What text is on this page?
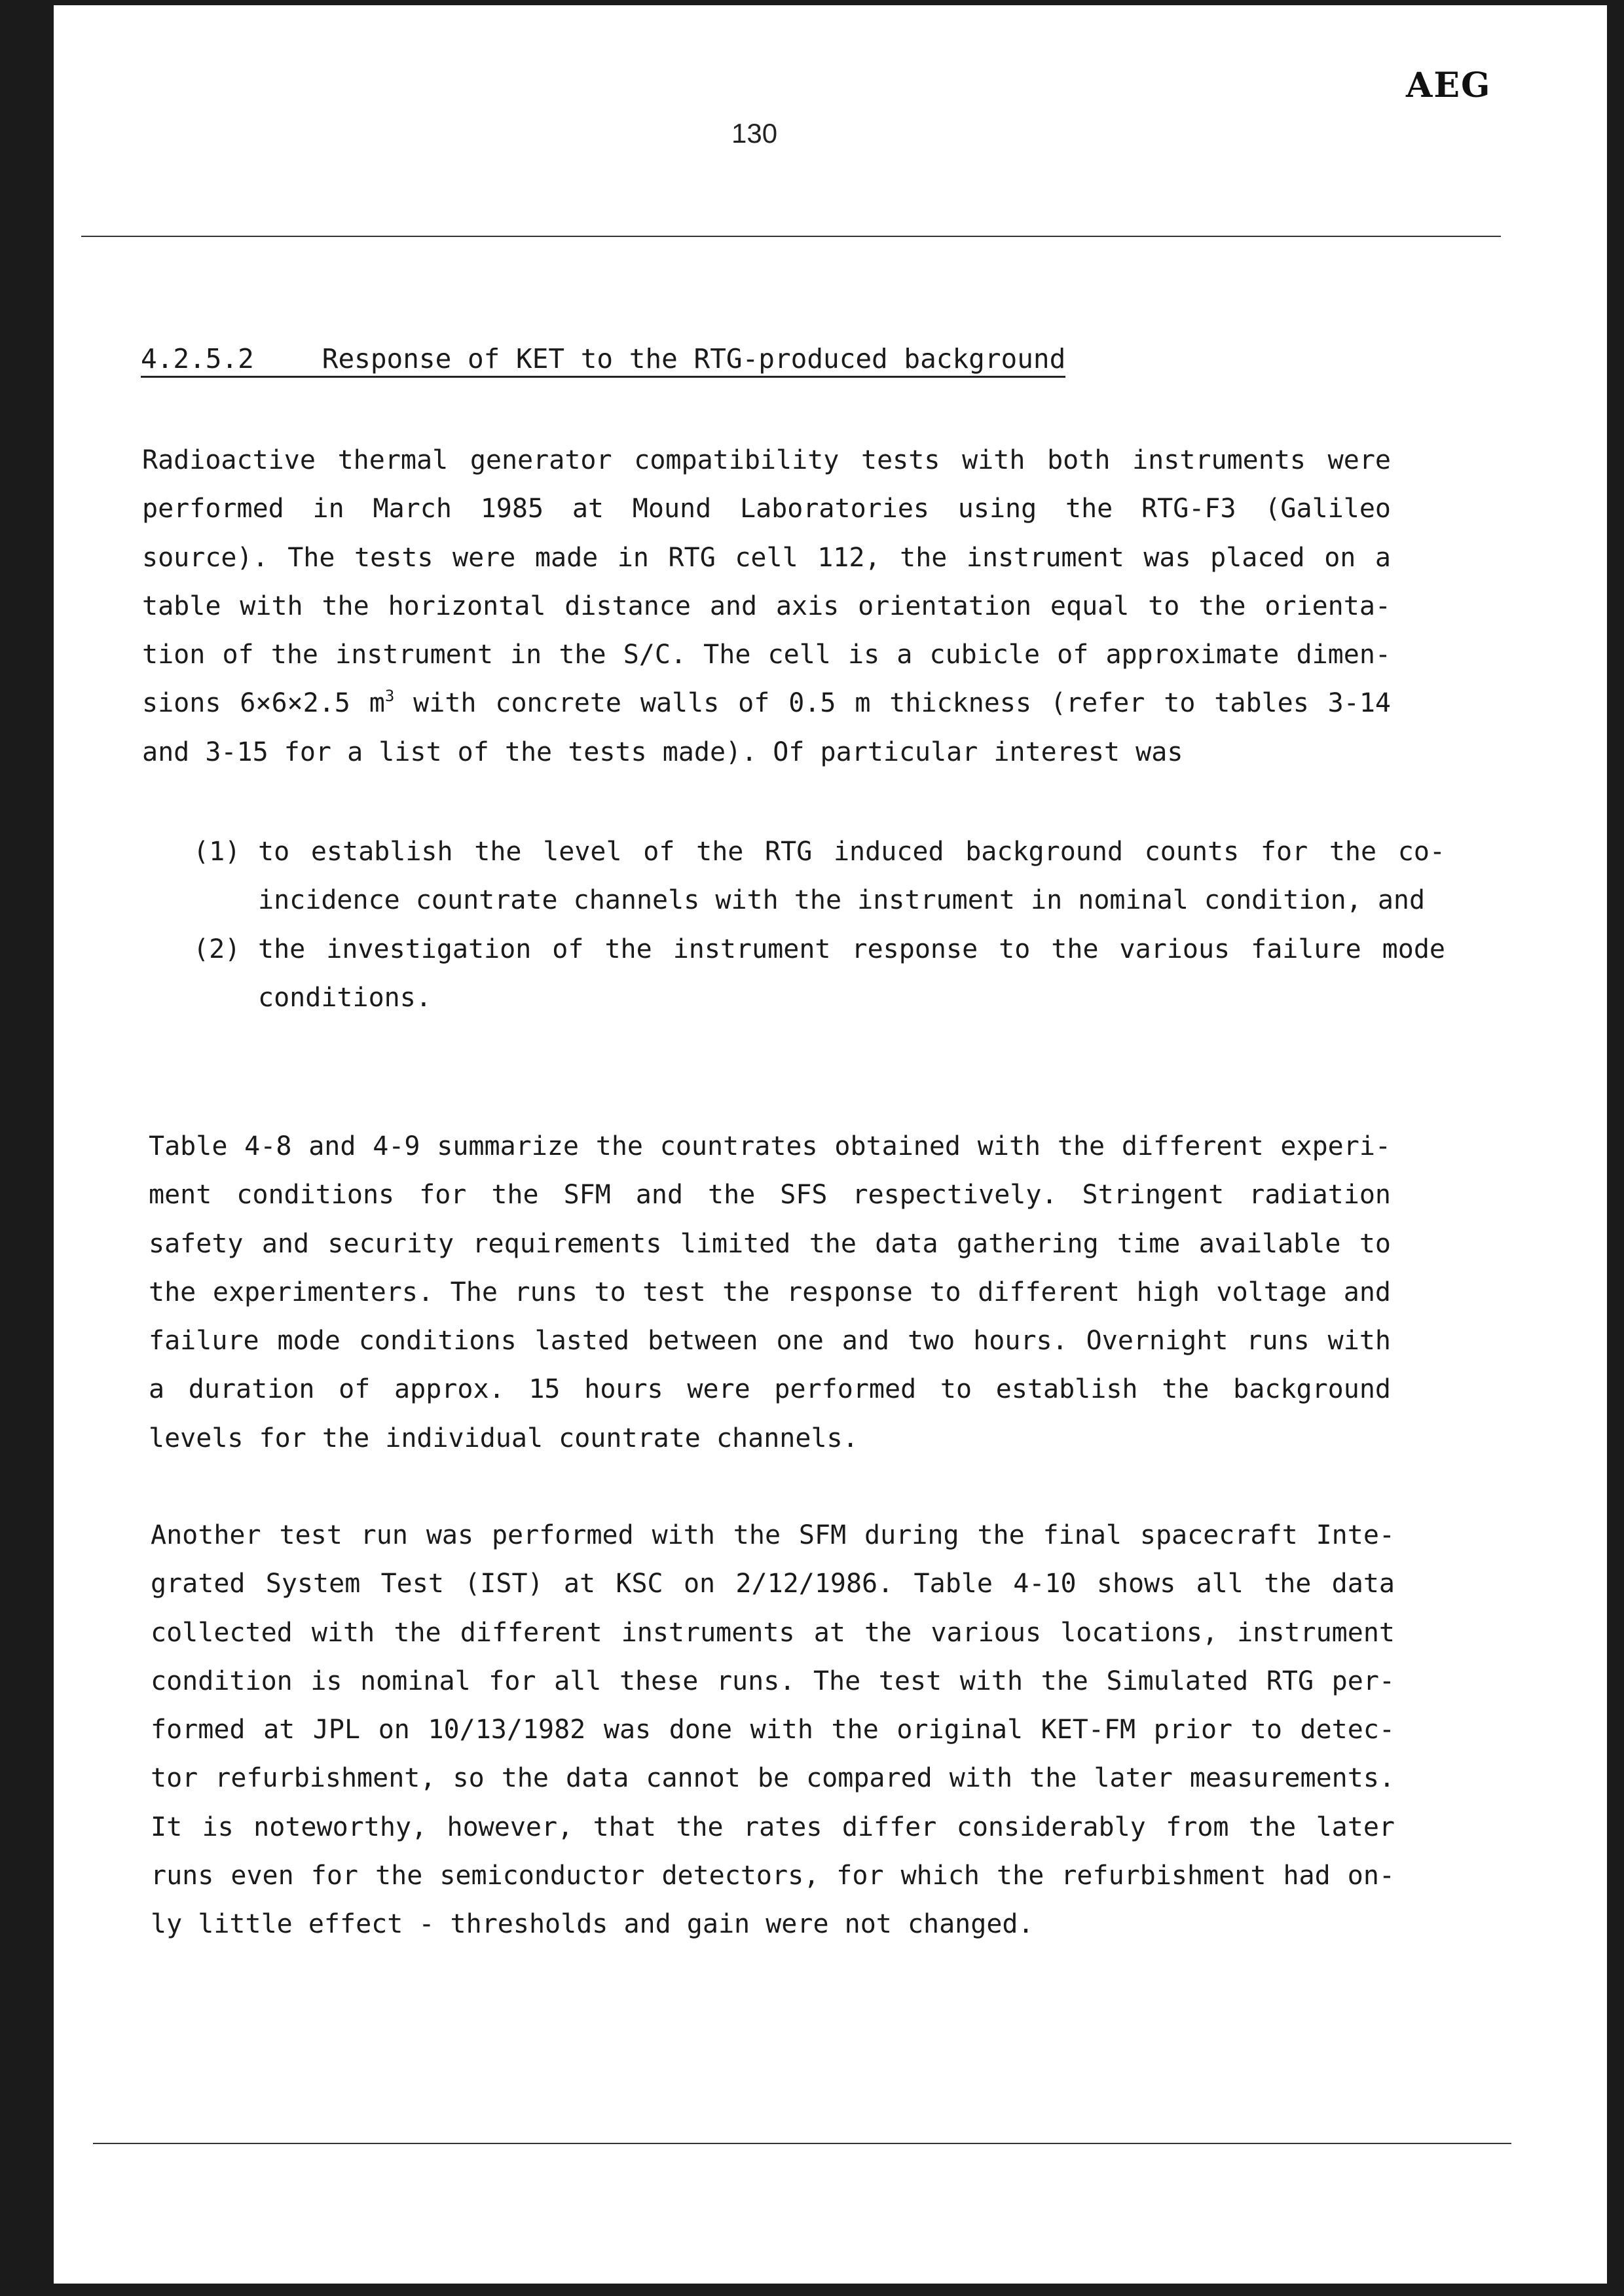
AEG
130
4.2.5.2	Response of KET to the RTG-produced background
Radioactive thermal generator compatibility tests with both instruments were performed in March 1985 at Mound Laboratories using the RTG-F3 (Galileo source). The tests were made in RTG cell 112, the instrument was placed on a table with the horizontal distance and axis orientation equal to the orienta-tion of the instrument in the S/C. The cell is a cubicle of approximate dimen-sions 6×6×2.5 $m^3$ with concrete walls of 0.5 m thickness (refer to tables 3-14 and 3-15 for a list of the tests made). Of particular interest was
(1) to establish the level of the RTG induced background counts for the co-incidence countrate channels with the instrument in nominal condition, and
(2) the investigation of the instrument response to the various failure mode conditions.
Table 4-8 and 4-9 summarize the countrates obtained with the different experi-ment conditions for the SFM and the SFS respectively. Stringent radiation safety and security requirements limited the data gathering time available to the experimenters. The runs to test the response to different high voltage and failure mode conditions lasted between one and two hours. Overnight runs with a duration of approx. 15 hours were performed to establish the background levels for the individual countrate channels.
Another test run was performed with the SFM during the final spacecraft Inte-grated System Test (IST) at KSC on 2/12/1986. Table 4-10 shows all the data collected with the different instruments at the various locations, instrument condition is nominal for all these runs. The test with the Simulated RTG per-formed at JPL on 10/13/1982 was done with the original KET-FM prior to detec-tor refurbishment, so the data cannot be compared with the later measurements. It is noteworthy, however, that the rates differ considerably from the later runs even for the semiconductor detectors, for which the refurbishment had on-ly little effect - thresholds and gain were not changed.
